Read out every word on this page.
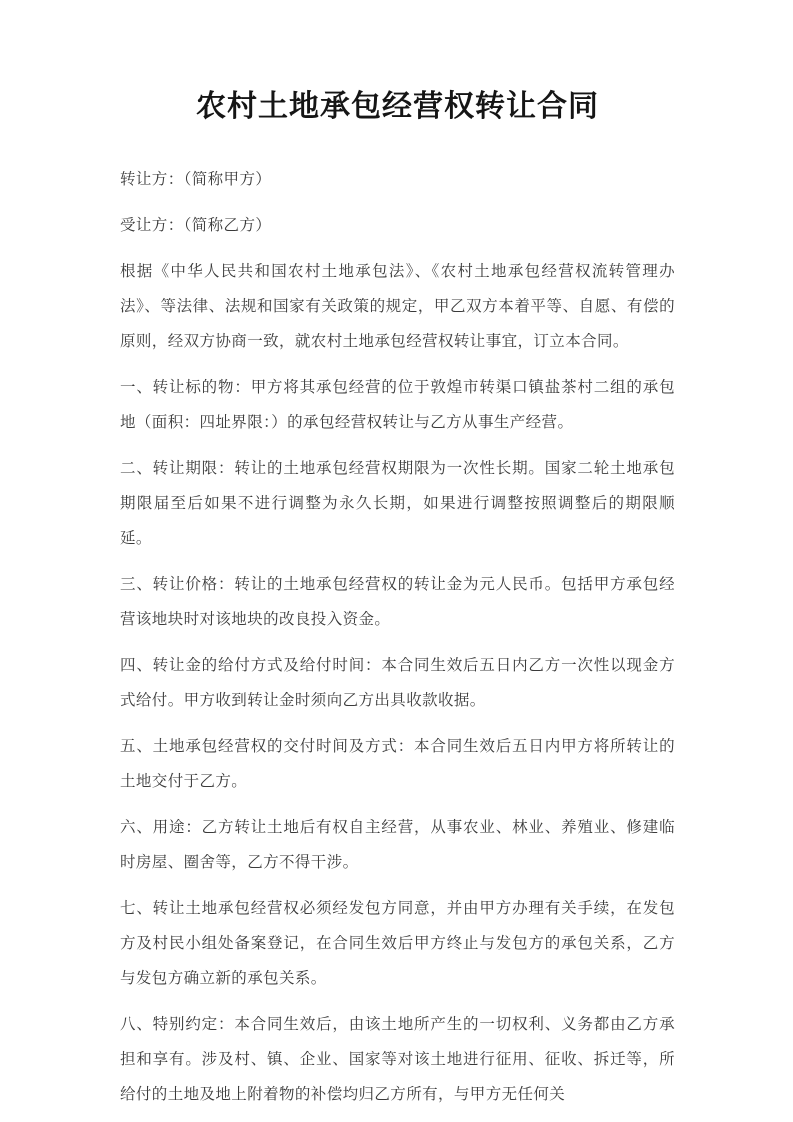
农村土地承包经营权转让合同

转让方：（简称甲方）

受让方：（简称乙方）

根据《中华人民共和国农村土地承包法》、《农村土地承包经营权流转管理办法》、等法律、法规和国家有关政策的规定，甲乙双方本着平等、自愿、有偿的原则，经双方协商一致，就农村土地承包经营权转让事宜，订立本合同。

一、转让标的物：甲方将其承包经营的位于敦煌市转渠口镇盐茶村二组的承包地（面积：四址界限：）的承包经营权转让与乙方从事生产经营。

二、转让期限：转让的土地承包经营权期限为一次性长期。国家二轮土地承包期限届至后如果不进行调整为永久长期，如果进行调整按照调整后的期限顺延。

三、转让价格：转让的土地承包经营权的转让金为元人民币。包括甲方承包经营该地块时对该地块的改良投入资金。

四、转让金的给付方式及给付时间：本合同生效后五日内乙方一次性以现金方式给付。甲方收到转让金时须向乙方出具收款收据。

五、土地承包经营权的交付时间及方式：本合同生效后五日内甲方将所转让的土地交付于乙方。

六、用途：乙方转让土地后有权自主经营，从事农业、林业、养殖业、修建临时房屋、圈舍等，乙方不得干涉。

七、转让土地承包经营权必须经发包方同意，并由甲方办理有关手续，在发包方及村民小组处备案登记，在合同生效后甲方终止与发包方的承包关系，乙方与发包方确立新的承包关系。

八、特别约定：本合同生效后，由该土地所产生的一切权利、义务都由乙方承担和享有。涉及村、镇、企业、国家等对该土地进行征用、征收、拆迁等，所给付的土地及地上附着物的补偿均归乙方所有，与甲方无任何关
